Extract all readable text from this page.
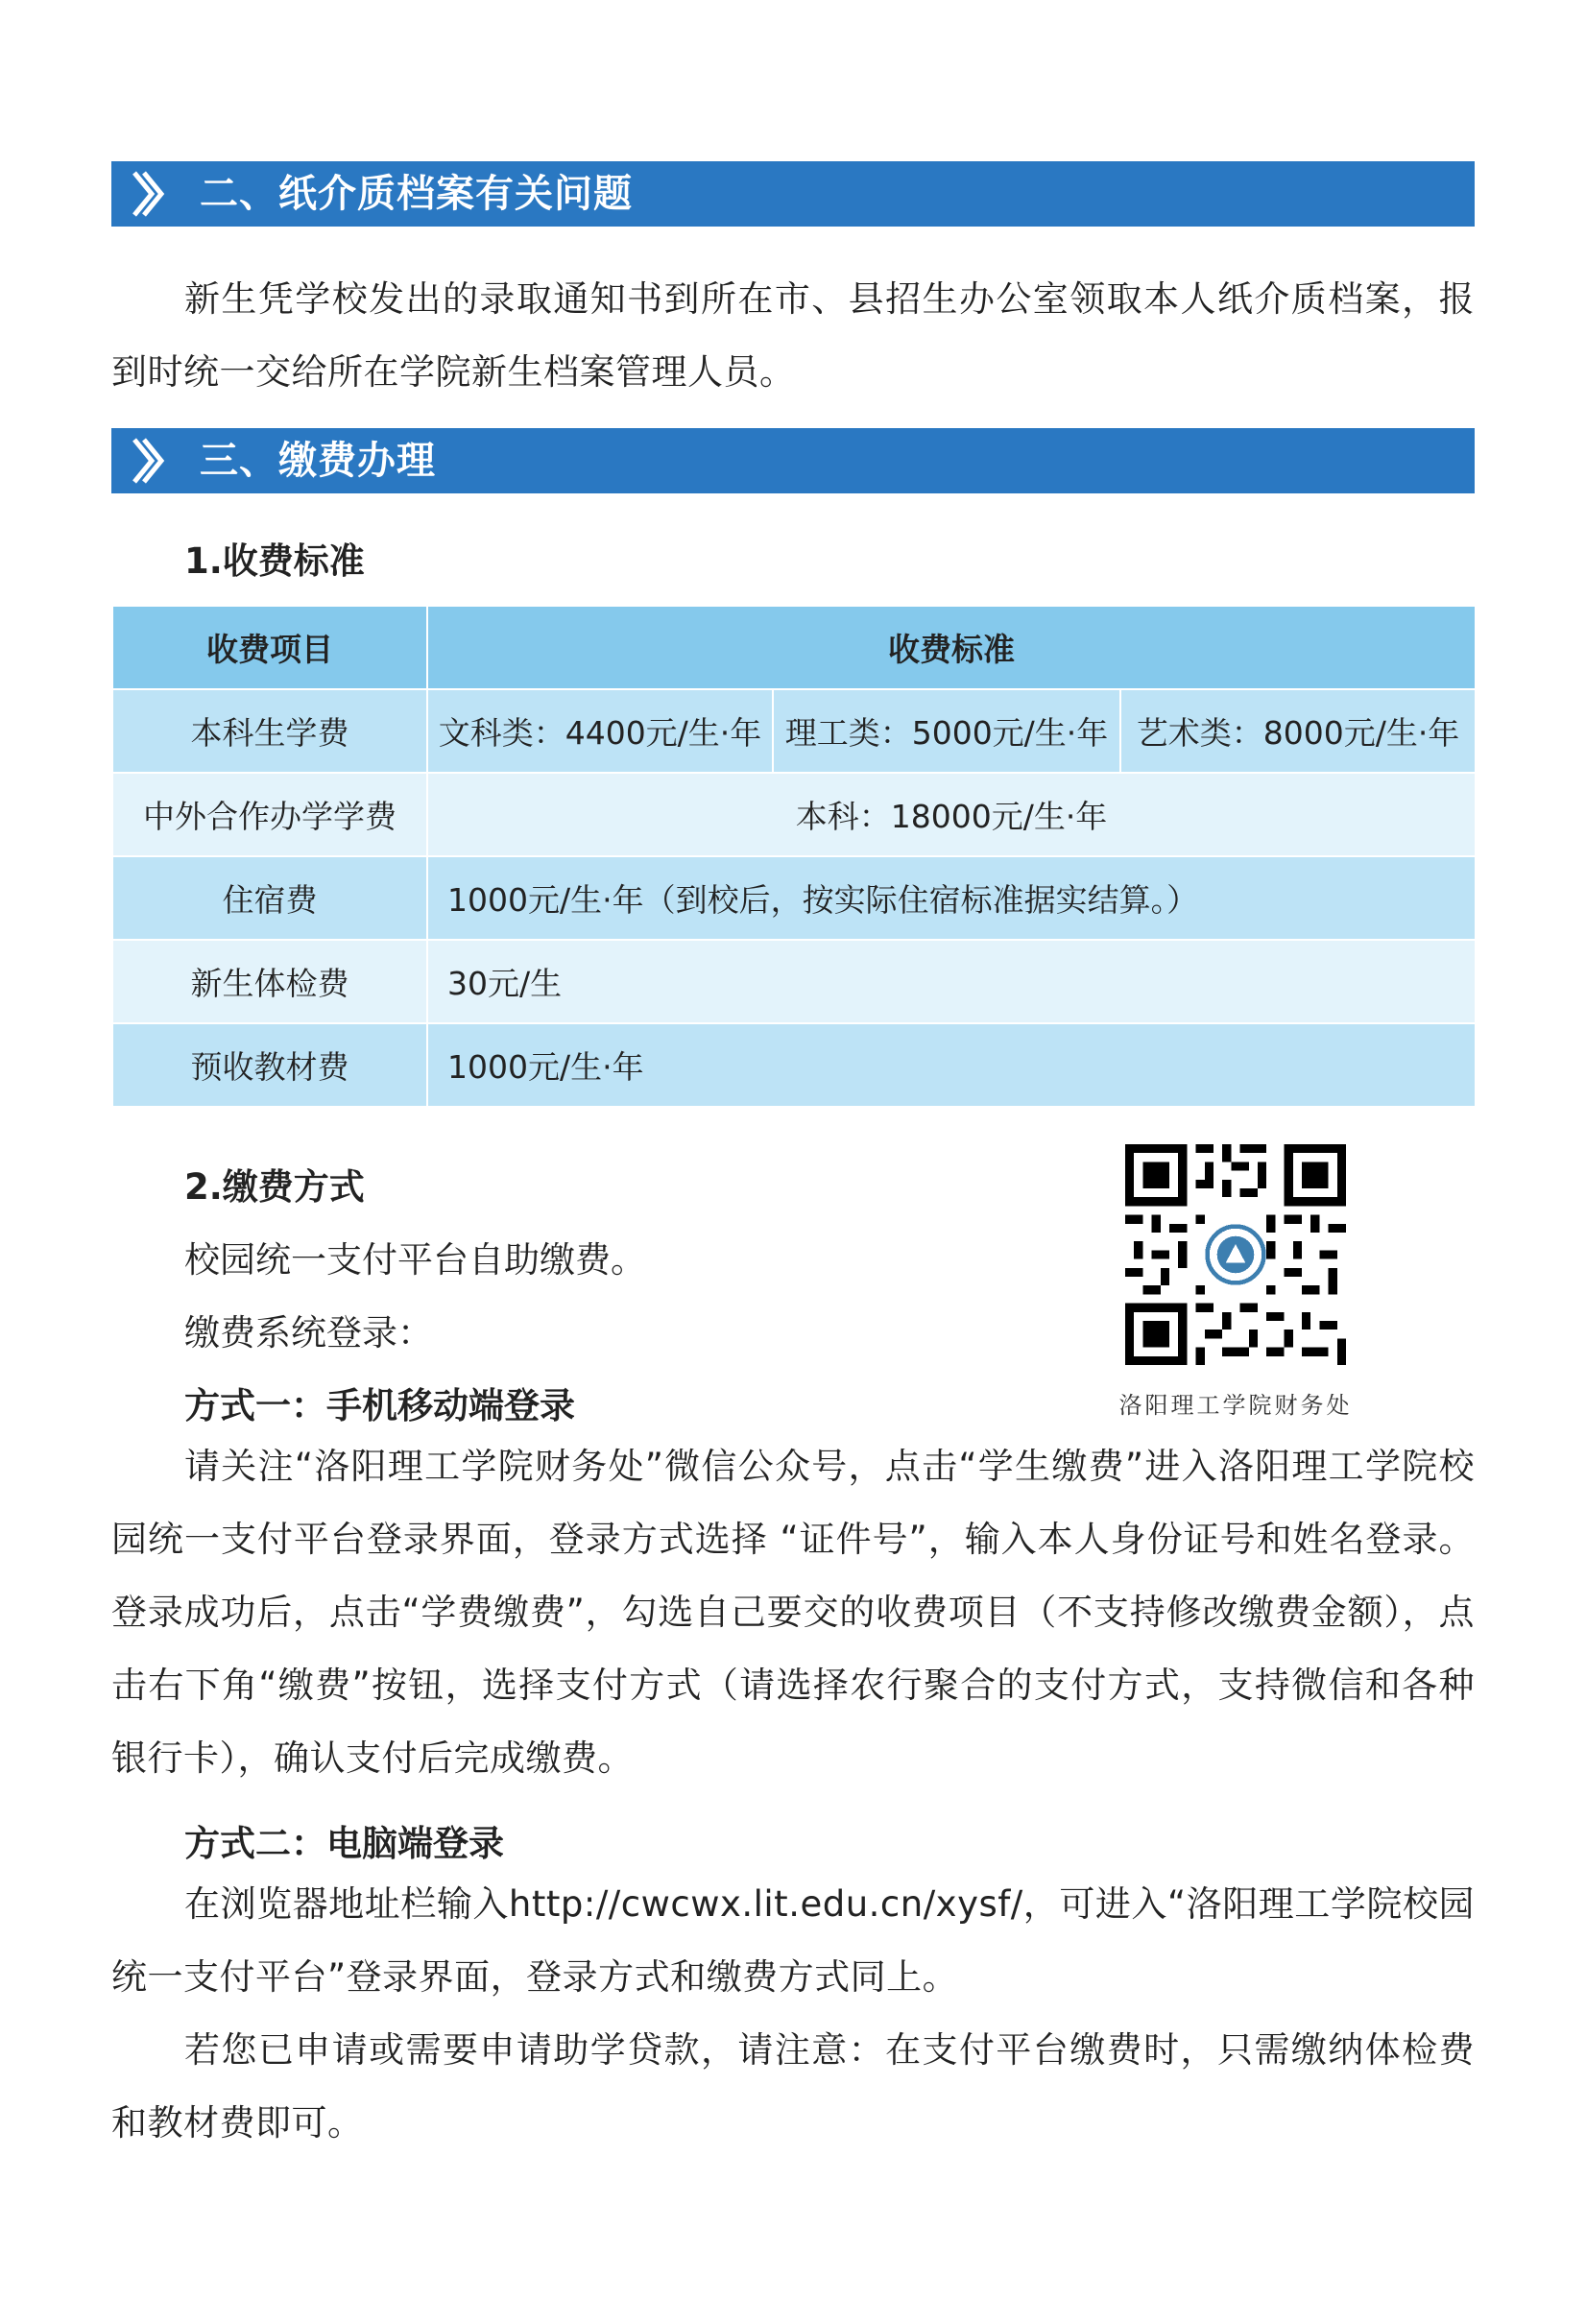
二、纸介质档案有关问题

新生凭学校发出的录取通知书到所在市、县招生办公室领取本人纸介质档案，报到时统一交给所在学院新生档案管理人员。

三、缴费办理
1.收费标准
收费项目	收费标准		
本科生学费	文科类：4400元/生·年	理工类：5000元/生·年	艺术类：8000元/生·年
中外合作办学学费	本科：18000元/生·年		
住宿费	1000元/生·年（到校后，按实际住宿标准据实结算。）		
新生体检费	30元/生		
预收教材费	1000元/生·年		
2.缴费方式
校园统一支付平台自助缴费。
缴费系统登录：
方式一：手机移动端登录	洛阳理工学院财务处

请关注“洛阳理工学院财务处”微信公众号，点击“学生缴费”进入洛阳理工学院校园统一支付平台登录界面，登录方式选择 “证件号”，输入本人身份证号和姓名登录。登录成功后，点击“学费缴费”，勾选自己要交的收费项目（不支持修改缴费金额），点击右下角“缴费”按钮，选择支付方式（请选择农行聚合的支付方式，支持微信和各种银行卡），确认支付后完成缴费。

方式二：电脑端登录

在浏览器地址栏输入http://cwcwx.lit.edu.cn/xysf/，可进入“洛阳理工学院校园统一支付平台”登录界面，登录方式和缴费方式同上。

若您已申请或需要申请助学贷款，请注意：在支付平台缴费时，只需缴纳体检费和教材费即可。
